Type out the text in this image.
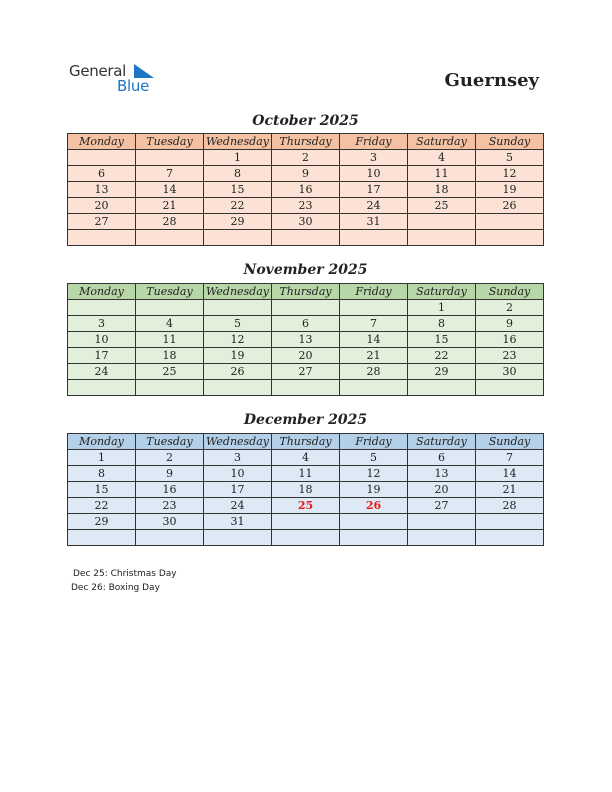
General
Blue	Guernsey
October 2025
Monday	Tuesday	Wednesday	Thursday	Friday	Saturday	Sunday
		1	2	3	4	5
6	7	8	9	10	11	12
13	14	15	16	17	18	19
20	21	22	23	24	25	26
27	28	29	30	31		

November 2025
Monday	Tuesday	Wednesday	Thursday	Friday	Saturday	Sunday
					1	2
3	4	5	6	7	8	9
10	11	12	13	14	15	16
17	18	19	20	21	22	23
24	25	26	27	28	29	30

December 2025
Monday	Tuesday	Wednesday	Thursday	Friday	Saturday	Sunday
1	2	3	4	5	6	7
8	9	10	11	12	13	14
15	16	17	18	19	20	21
22	23	24	25	26	27	28
29	30	31				

Dec 25: Christmas Day
Dec 26: Boxing Day
